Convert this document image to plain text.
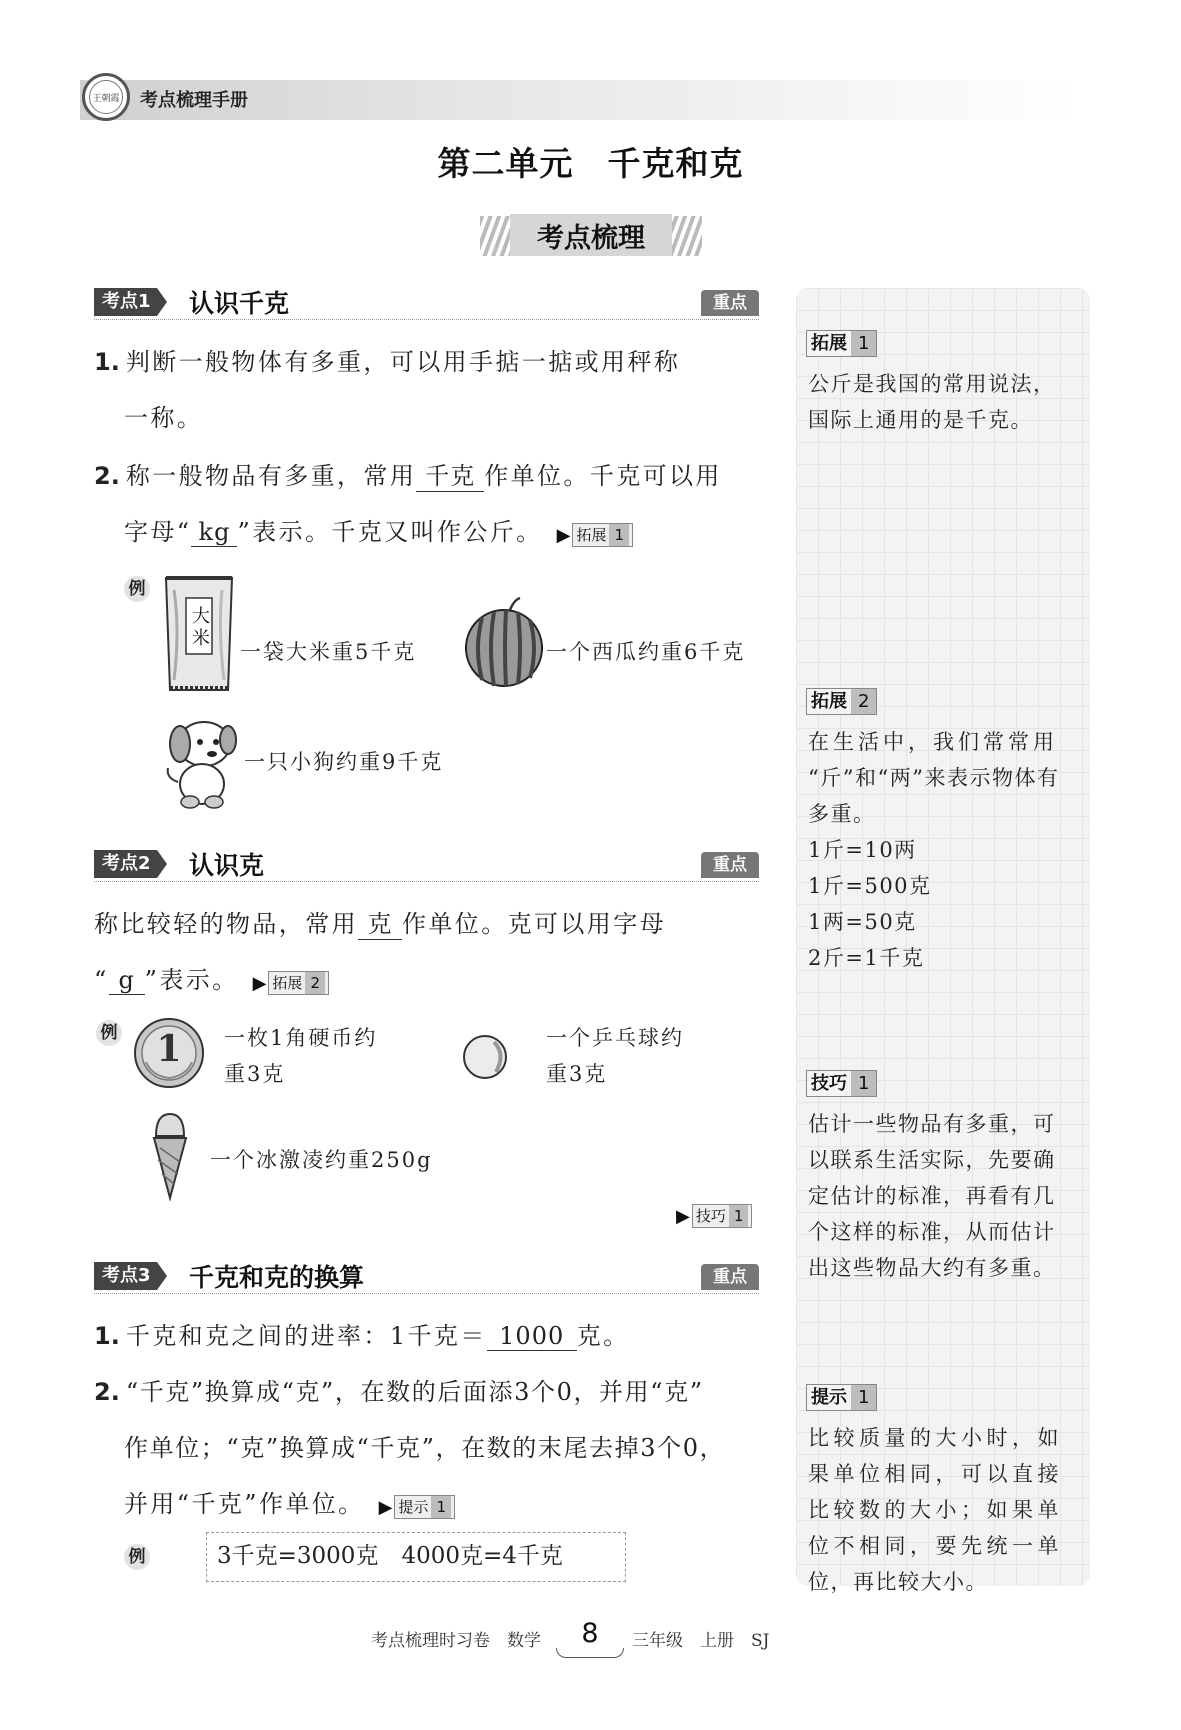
王朝霞 考点梳理手册
第二单元　千克和克
考点梳理
考点1 认识千克	重点
1. 判断一般物体有多重，可以用手掂一掂或用秤称
一称。
2. 称一般物品有多重，常用 千克 作单位。千克可以用
字母“ kg ”表示。千克又叫作公斤。 ▶ 拓展 1
例
大米
一袋大米重5千克	一个西瓜约重6千克
一只小狗约重9千克
考点2 认识克	重点
称比较轻的物品，常用 克 作单位。克可以用字母
“ g ”表示。 ▶ 拓展 2
例	1	一枚1角硬币约
重3克
一个乒乓球约
重3克
一个冰激凌约重250g
▶ 技巧 1
考点3 千克和克的换算	重点
1. 千克和克之间的进率：1千克＝ 1000 克。
2. “千克”换算成“克”，在数的后面添3个0，并用“克”
作单位；“克”换算成“千克”，在数的末尾去掉3个0，
并用“千克”作单位。 ▶ 提示 1
例	3千克=3000克　4000克=4千克
拓展 1
公斤是我国的常用说法，
国际上通用的是千克。
拓展 2
在生活中，我们常常用
“斤”和“两”来表示物体有
多重。
1斤=10两
1斤=500克
1两=50克
2斤=1千克
技巧 1
估计一些物品有多重，可
以联系生活实际，先要确
定估计的标准，再看有几
个这样的标准，从而估计
出这些物品大约有多重。
提示 1
比较质量的大小时，如
果单位相同，可以直接
比较数的大小；如果单
位不相同，要先统一单
位，再比较大小。
考点梳理时习卷　数学	8	三年级　上册　SJ
